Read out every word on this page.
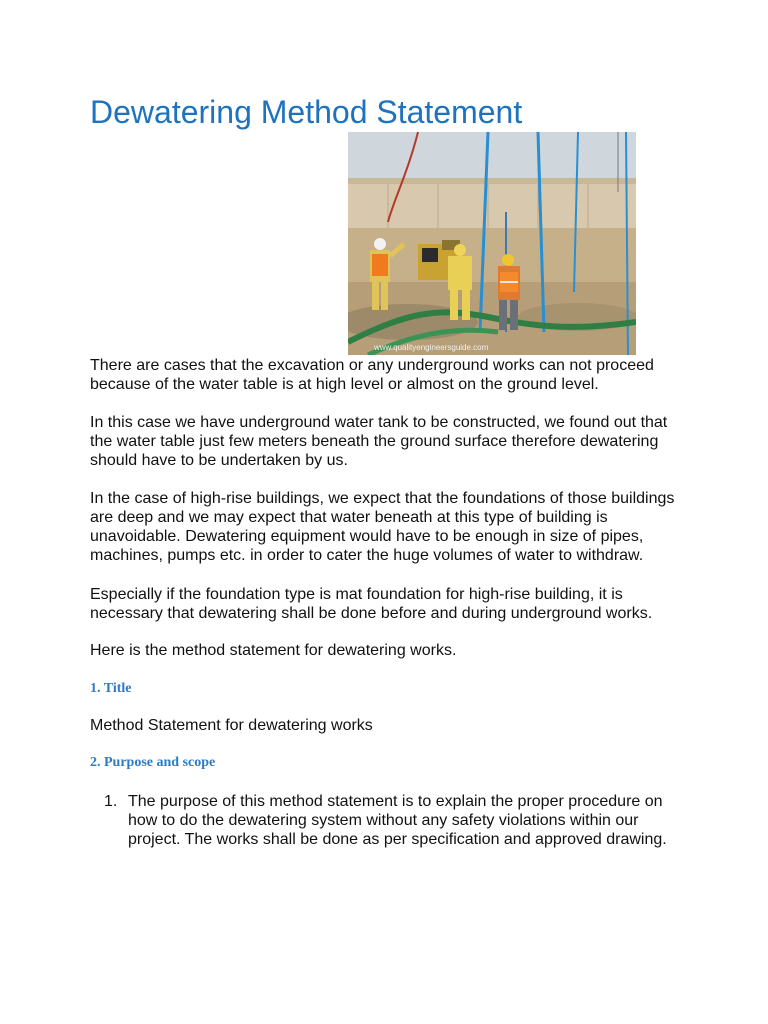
Dewatering Method Statement
www.qualityengineersguide.com

There are cases that the excavation or any underground works can not proceed because of the water table is at high level or almost on the ground level.

In this case we have underground water tank to be constructed, we found out that the water table just few meters beneath the ground surface therefore dewatering should have to be undertaken by us.

In the case of high-rise buildings, we expect that the foundations of those buildings are deep and we may expect that water beneath at this type of building is unavoidable. Dewatering equipment would have to be enough in size of pipes, machines, pumps etc. in order to cater the huge volumes of water to withdraw.

Especially if the foundation type is mat foundation for high-rise building, it is necessary that dewatering shall be done before and during underground works.

Here is the method statement for dewatering works.

1. Title

Method Statement for dewatering works

2. Purpose and scope
1. The purpose of this method statement is to explain the proper procedure on how to do the dewatering system without any safety violations within our project. The works shall be done as per specification and approved drawing.
